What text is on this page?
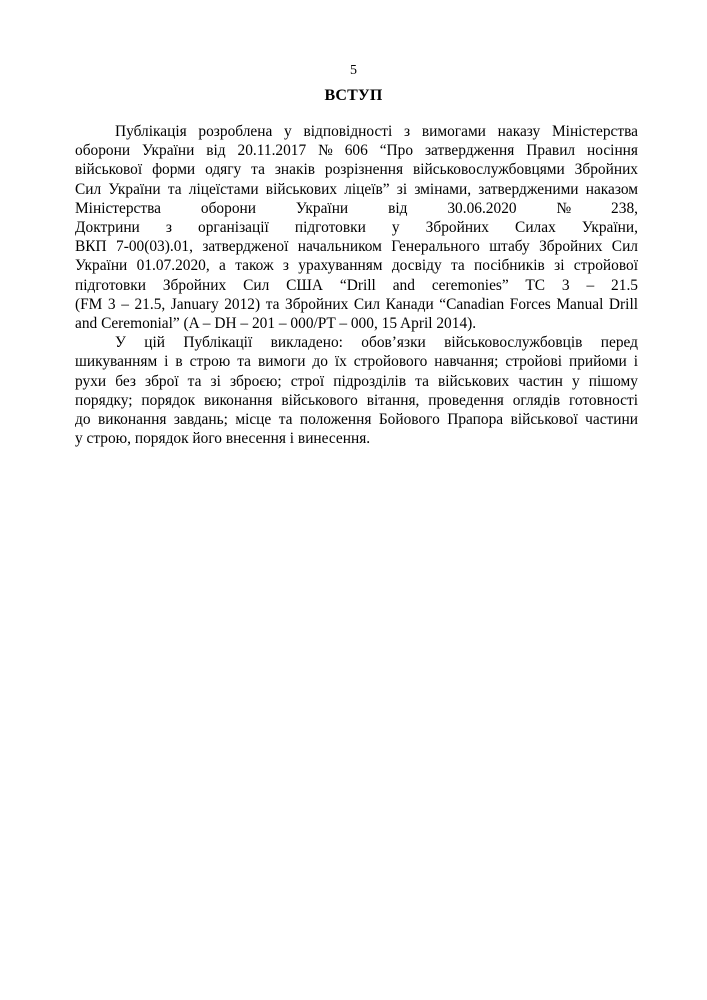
5
ВСТУП
Публікація розроблена у відповідності з вимогами наказу Міністерства
оборони України від 20.11.2017 № 606 “Про затвердження Правил носіння
військової форми одягу та знаків розрізнення військовослужбовцями Збройних
Сил України та ліцеїстами військових ліцеїв” зі змінами, затвердженими наказом
Міністерства оборони України від 30.06.2020 № 238,
Доктрини з організації підготовки у Збройних Силах України,
ВКП 7-00(03).01, затвердженої начальником Генерального штабу Збройних Сил
України 01.07.2020, а також з урахуванням досвіду та посібників зі стройової
підготовки Збройних Сил США “Drill and ceremonies” TC 3 – 21.5
(FM 3 – 21.5, January 2012) та Збройних Сил Канади “Canadian Forces Manual Drill
and Ceremonial” (A – DH – 201 – 000/PT – 000, 15 April 2014).
У цій Публікації викладено: обов’язки військовослужбовців перед
шикуванням і в строю та вимоги до їх стройового навчання; стройові прийоми і
рухи без зброї та зі зброєю; строї підрозділів та військових частин у пішому
порядку; порядок виконання військового вітання, проведення оглядів готовності
до виконання завдань; місце та положення Бойового Прапора військової частини
у строю, порядок його внесення і винесення.
